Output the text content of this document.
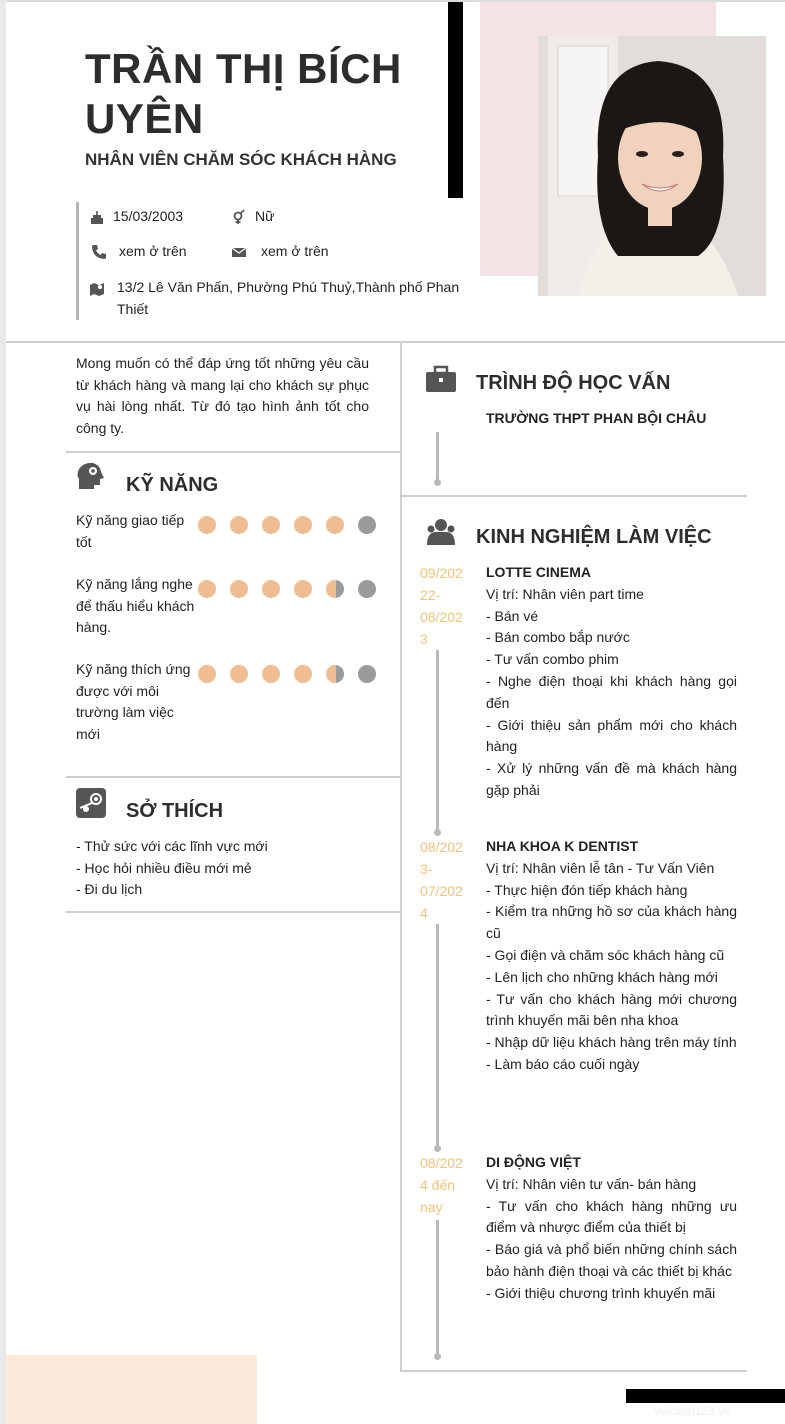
TRẦN THỊ BÍCH UYÊN
NHÂN VIÊN CHĂM SÓC KHÁCH HÀNG
15/03/2003	Nữ
xem ở trên	xem ở trên
13/2 Lê Văn Phấn, Phường Phú Thuỷ,Thành phố Phan Thiết
Mong muốn có thể đáp ứng tốt những yêu cầu từ khách hàng và mang lại cho khách sự phục vụ hài lòng nhất. Từ đó tạo hình ảnh tốt cho công ty.
KỸ NĂNG
Kỹ năng giao tiếp tốt
Kỹ năng lắng nghe để thấu hiểu khách hàng.
Kỹ năng thích ứng được với môi trường làm việc mới
SỞ THÍCH
- Thử sức với các lĩnh vực mới
- Học hỏi nhiều điều mới mẻ
- Đi du lịch
TRÌNH ĐỘ HỌC VẤN
TRƯỜNG THPT PHAN BỘI CHÂU
KINH NGHIỆM LÀM VIỆC
09/202
22-
08/202
3
LOTTE CINEMA
Vị trí: Nhân viên part time
- Bán vé
- Bán combo bắp nước
- Tư vấn combo phim
- Nghe điện thoại khi khách hàng gọi đến
- Giới thiệu sản phẩm mới cho khách hàng
- Xử lý những vấn đề mà khách hàng gặp phải
08/202
3-
07/202
4
NHA KHOA K DENTIST
Vị trí: Nhân viên lễ tân - Tư Vấn Viên
- Thực hiện đón tiếp khách hàng
- Kiểm tra những hồ sơ của khách hàng cũ
- Gọi điện và chăm sóc khách hàng cũ
- Lên lịch cho những khách hàng mới
- Tư vấn cho khách hàng mới chương trình khuyến mãi bên nha khoa
- Nhập dữ liệu khách hàng trên máy tính
- Làm báo cáo cuối ngày
08/202
4 đến
nay
DI ĐỘNG VIỆT
Vị trí: Nhân viên tư vấn- bán hàng
- Tư vấn cho khách hàng những ưu điểm và nhược điểm của thiết bị
- Báo giá và phổ biến những chính sách bảo hành điện thoại và các thiết bị khác
- Giới thiệu chương trình khuyến mãi
vieclam123.vn
